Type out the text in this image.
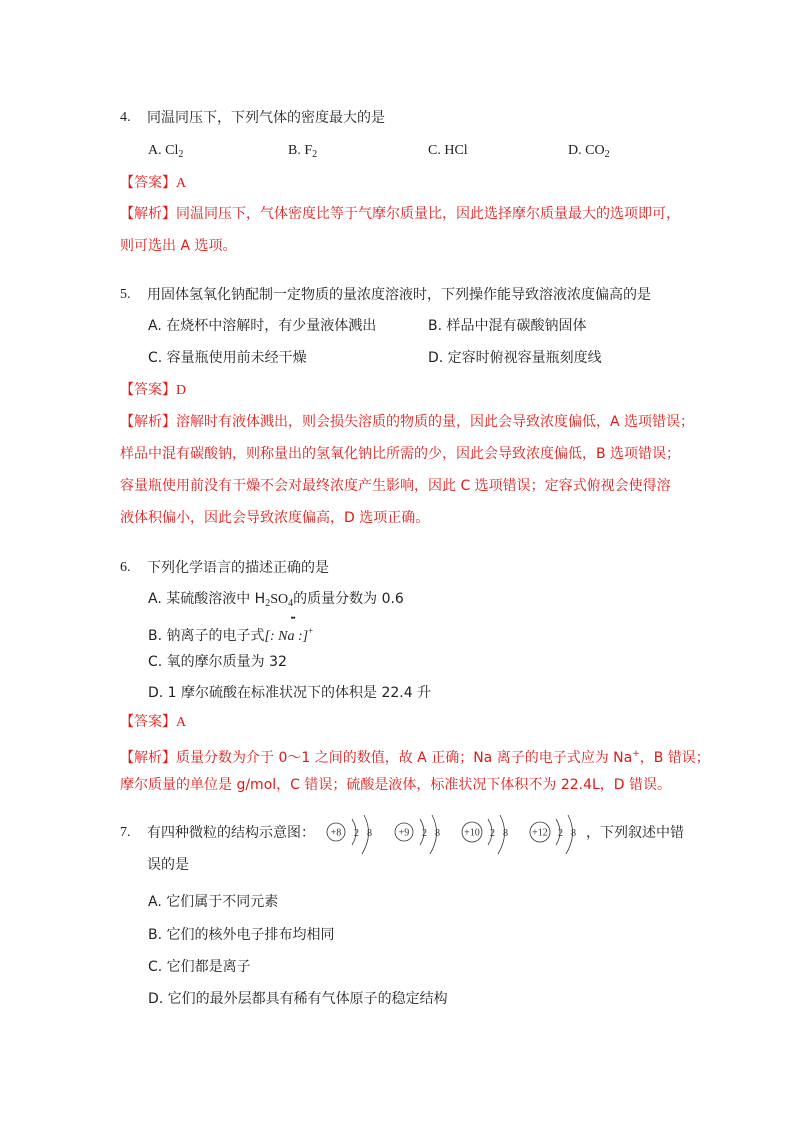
4. 同温同压下，下列气体的密度最大的是
A. $Cl_2$	B. $F_2$	C. HCl	D. $CO_2$
【答案】A
【解析】同温同压下，气体密度比等于气摩尔质量比，因此选择摩尔质量最大的选项即可，
则可选出 A 选项。
5. 用固体氢氧化钠配制一定物质的量浓度溶液时，下列操作能导致溶液浓度偏高的是
A. 在烧杯中溶解时，有少量液体溅出	B. 样品中混有碳酸钠固体
C. 容量瓶使用前未经干燥	D. 定容时俯视容量瓶刻度线
【答案】D
【解析】溶解时有液体溅出，则会损失溶质的物质的量，因此会导致浓度偏低，A 选项错误；
样品中混有碳酸钠，则称量出的氢氧化钠比所需的少，因此会导致浓度偏低，B 选项错误；
容量瓶使用前没有干燥不会对最终浓度产生影响，因此 C 选项错误；定容式俯视会使得溶
液体积偏小，因此会导致浓度偏高，D 选项正确。
6. 下列化学语言的描述正确的是
A. 某硫酸溶液中 $H_2SO_4$的质量分数为 0.6
B. 钠离子的电子式
••
[: Na :]+
C. 氧的摩尔质量为 32
D. 1 摩尔硫酸在标准状况下的体积是 22.4 升
【答案】A
【解析】质量分数为介于 0～1 之间的数值，故 A 正确；Na 离子的电子式应为 Na+，B 错误；
摩尔质量的单位是 g/mol，C 错误；硫酸是液体，标准状况下体积不为 22.4L，D 错误。
7. 有四种微粒的结构示意图： +8 2 8	+9 2 8 +10 2 8 +12 2 8 ，下列叙述中错
误的是
A. 它们属于不同元素
B. 它们的核外电子排布均相同
C. 它们都是离子
D. 它们的最外层都具有稀有气体原子的稳定结构
